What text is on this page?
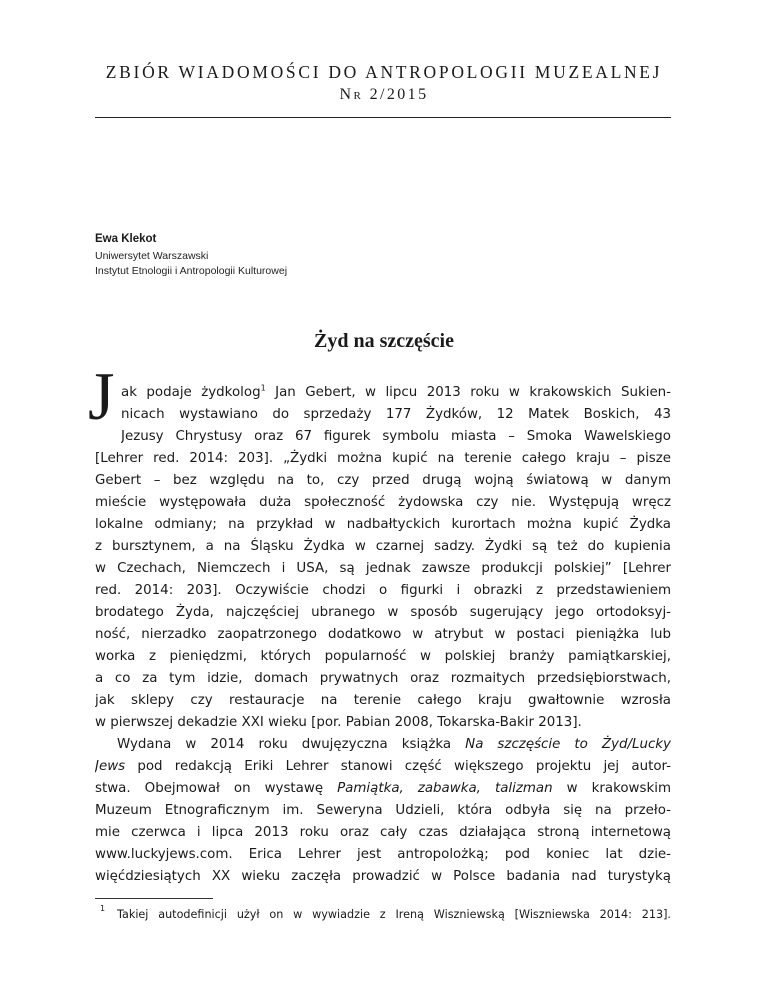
ZBIÓR WIADOMOŚCI DO ANTROPOLOGII MUZEALNEJ
Nr 2/2015
Ewa Klekot
Uniwersytet Warszawski
Instytut Etnologii i Antropologii Kulturowej
Żyd na szczęście
J ak podaje żydkolog$^1$ Jan Gebert, w lipcu 2013 roku w krakowskich Sukien-

nicach wystawiano do sprzedaży 177 Żydków, 12 Matek Boskich, 43

Jezusy Chrystusy oraz 67 figurek symbolu miasta – Smoka Wawelskiego

[Lehrer red. 2014: 203]. „Żydki można kupić na terenie całego kraju – pisze

Gebert – bez względu na to, czy przed drugą wojną światową w danym

mieście występowała duża społeczność żydowska czy nie. Występują wręcz

lokalne odmiany; na przykład w nadbałtyckich kurortach można kupić Żydka

z bursztynem, a na Śląsku Żydka w czarnej sadzy. Żydki są też do kupienia

w Czechach, Niemczech i USA, są jednak zawsze produkcji polskiej” [Lehrer

red. 2014: 203]. Oczywiście chodzi o figurki i obrazki z przedstawieniem

brodatego Żyda, najczęściej ubranego w sposób sugerujący jego ortodoksyj-

ność, nierzadko zaopatrzonego dodatkowo w atrybut w postaci pieniążka lub

worka z pieniędzmi, których popularność w polskiej branży pamiątkarskiej,

a co za tym idzie, domach prywatnych oraz rozmaitych przedsiębiorstwach,

jak sklepy czy restauracje na terenie całego kraju gwałtownie wzrosła

w pierwszej dekadzie XXI wieku [por. Pabian 2008, Tokarska-Bakir 2013].

Wydana w 2014 roku dwujęzyczna książka Na szczęście to Żyd/Lucky

Jews pod redakcją Eriki Lehrer stanowi część większego projektu jej autor-

stwa. Obejmował on wystawę Pamiątka, zabawka, talizman w krakowskim

Muzeum Etnograficznym im. Seweryna Udzieli, która odbyła się na przeło-

mie czerwca i lipca 2013 roku oraz cały czas działająca stroną internetową

www.luckyjews.com. Erica Lehrer jest antropolożką; pod koniec lat dzie-

więćdziesiątych XX wieku zaczęła prowadzić w Polsce badania nad turystyką

1 Takiej autodefinicji użył on w wywiadzie z Ireną Wiszniewską [Wiszniewska 2014: 213].
